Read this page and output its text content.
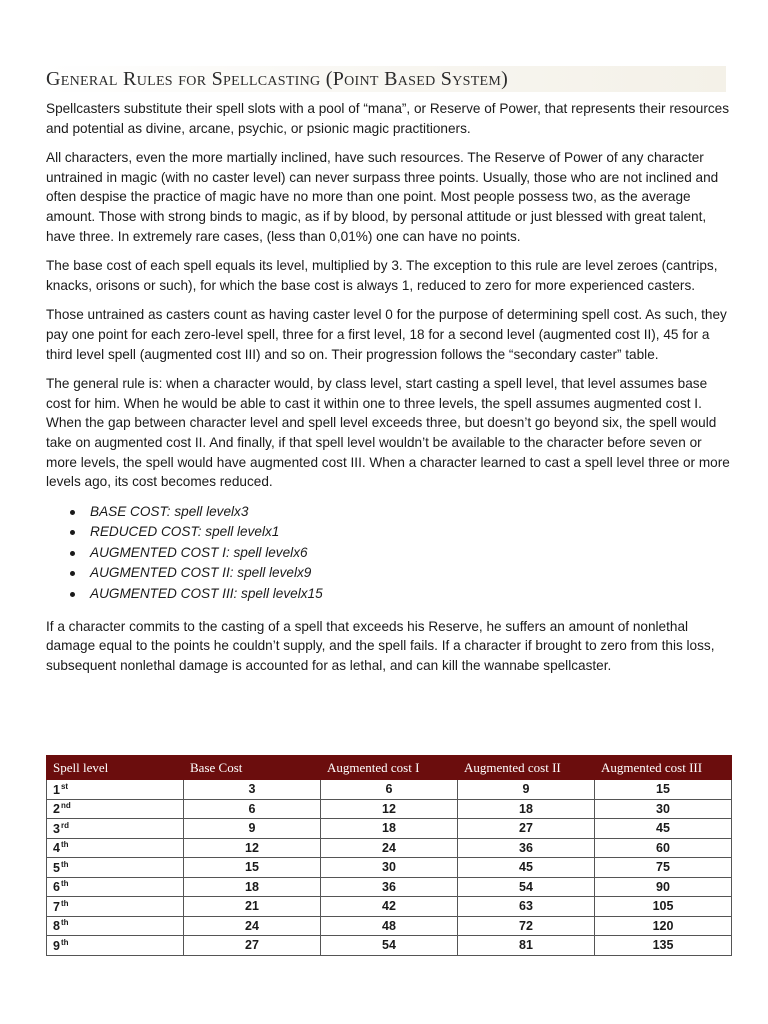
General Rules for Spellcasting (Point Based System)

Spellcasters substitute their spell slots with a pool of “mana”, or Reserve of Power, that represents their resources and potential as divine, arcane, psychic, or psionic magic practitioners.

All characters, even the more martially inclined, have such resources. The Reserve of Power of any character untrained in magic (with no caster level) can never surpass three points. Usually, those who are not inclined and often despise the practice of magic have no more than one point. Most people possess two, as the average amount. Those with strong binds to magic, as if by blood, by personal attitude or just blessed with great talent, have three. In extremely rare cases, (less than 0,01%) one can have no points.

The base cost of each spell equals its level, multiplied by 3. The exception to this rule are level zeroes (cantrips, knacks, orisons or such), for which the base cost is always 1, reduced to zero for more experienced casters.

Those untrained as casters count as having caster level 0 for the purpose of determining spell cost. As such, they pay one point for each zero-level spell, three for a first level, 18 for a second level (augmented cost II), 45 for a third level spell (augmented cost III) and so on. Their progression follows the “secondary caster” table.

The general rule is: when a character would, by class level, start casting a spell level, that level assumes base cost for him. When he would be able to cast it within one to three levels, the spell assumes augmented cost I. When the gap between character level and spell level exceeds three, but doesn’t go beyond six, the spell would take on augmented cost II. And finally, if that spell level wouldn’t be available to the character before seven or more levels, the spell would have augmented cost III. When a character learned to cast a spell level three or more levels ago, its cost becomes reduced.

BASE COST: spell levelx3
REDUCED COST: spell levelx1
AUGMENTED COST I: spell levelx6
AUGMENTED COST II: spell levelx9
AUGMENTED COST III: spell levelx15

If a character commits to the casting of a spell that exceeds his Reserve, he suffers an amount of nonlethal damage equal to the points he couldn’t supply, and the spell fails. If a character if brought to zero from this loss, subsequent nonlethal damage is accounted for as lethal, and can kill the wannabe spellcaster.

Spell level	Base Cost	Augmented cost I	Augmented cost II	Augmented cost III
1st	3	6	9	15
2nd	6	12	18	30
3rd	9	18	27	45
4th	12	24	36	60
5th	15	30	45	75
6th	18	36	54	90
7th	21	42	63	105
8th	24	48	72	120
9th	27	54	81	135
